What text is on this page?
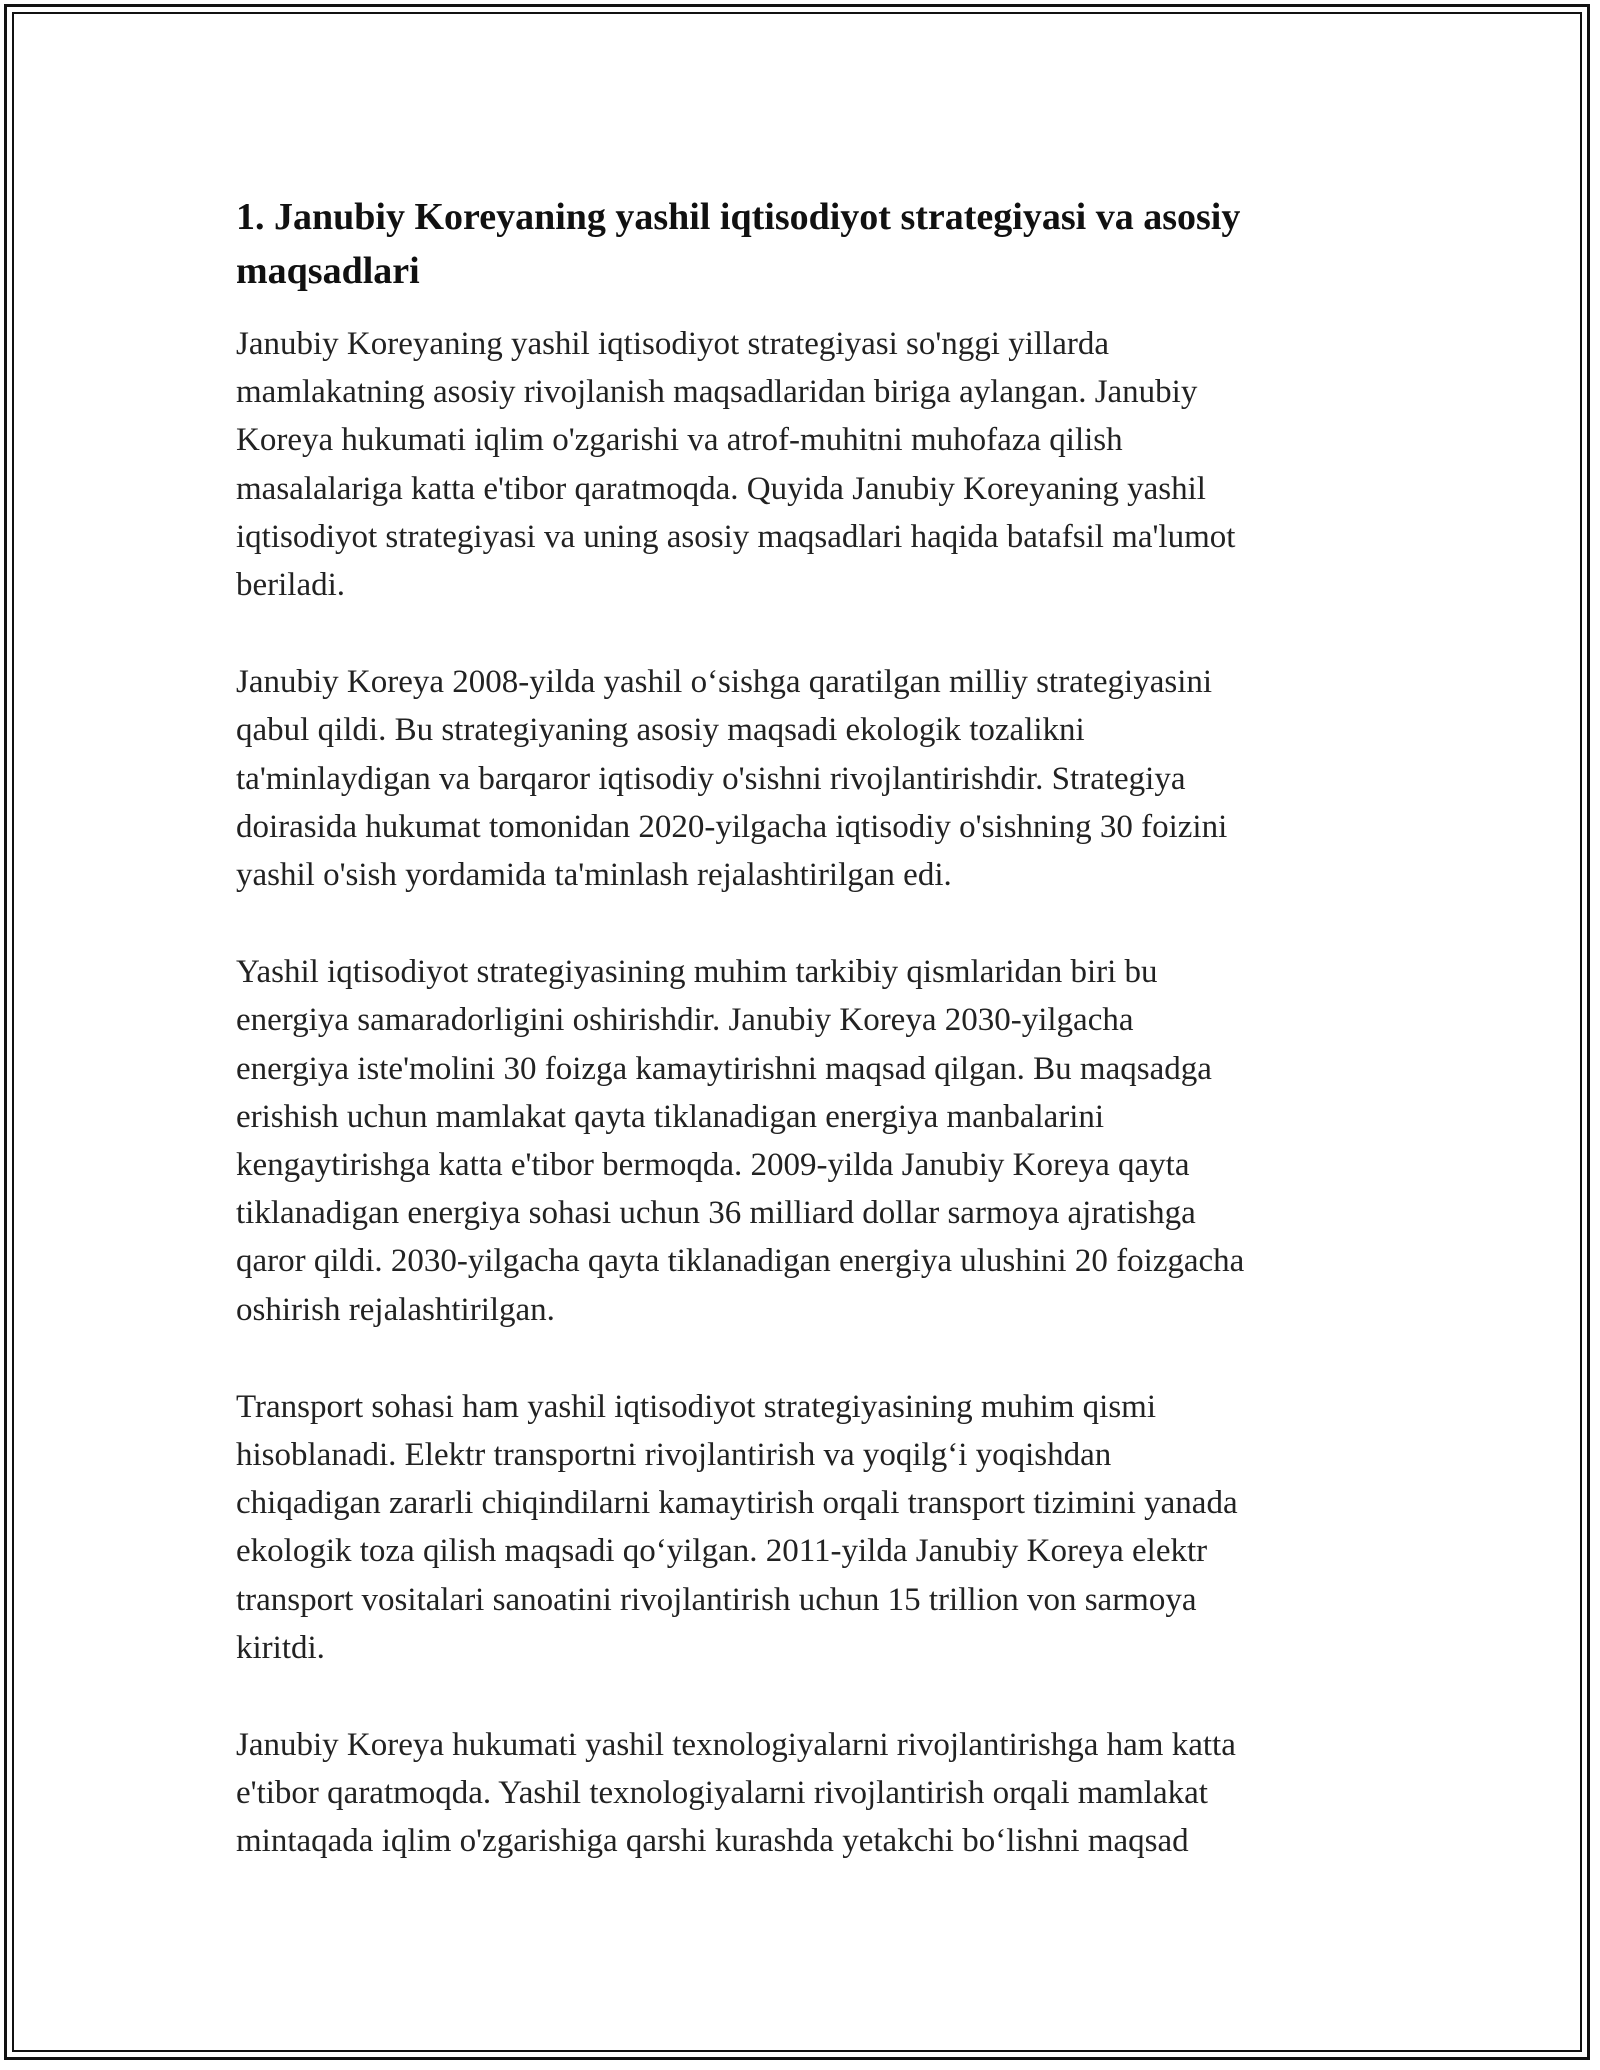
1. Janubiy Koreyaning yashil iqtisodiyot strategiyasi va asosiy
maqsadlari

Janubiy Koreyaning yashil iqtisodiyot strategiyasi so'nggi yillarda
mamlakatning asosiy rivojlanish maqsadlaridan biriga aylangan. Janubiy
Koreya hukumati iqlim o'zgarishi va atrof-muhitni muhofaza qilish
masalalariga katta e'tibor qaratmoqda. Quyida Janubiy Koreyaning yashil
iqtisodiyot strategiyasi va uning asosiy maqsadlari haqida batafsil ma'lumot
beriladi.

Janubiy Koreya 2008-yilda yashil o‘sishga qaratilgan milliy strategiyasini
qabul qildi. Bu strategiyaning asosiy maqsadi ekologik tozalikni
ta'minlaydigan va barqaror iqtisodiy o'sishni rivojlantirishdir. Strategiya
doirasida hukumat tomonidan 2020-yilgacha iqtisodiy o'sishning 30 foizini
yashil o'sish yordamida ta'minlash rejalashtirilgan edi.

Yashil iqtisodiyot strategiyasining muhim tarkibiy qismlaridan biri bu
energiya samaradorligini oshirishdir. Janubiy Koreya 2030-yilgacha
energiya iste'molini 30 foizga kamaytirishni maqsad qilgan. Bu maqsadga
erishish uchun mamlakat qayta tiklanadigan energiya manbalarini
kengaytirishga katta e'tibor bermoqda. 2009-yilda Janubiy Koreya qayta
tiklanadigan energiya sohasi uchun 36 milliard dollar sarmoya ajratishga
qaror qildi. 2030-yilgacha qayta tiklanadigan energiya ulushini 20 foizgacha
oshirish rejalashtirilgan.

Transport sohasi ham yashil iqtisodiyot strategiyasining muhim qismi
hisoblanadi. Elektr transportni rivojlantirish va yoqilg‘i yoqishdan
chiqadigan zararli chiqindilarni kamaytirish orqali transport tizimini yanada
ekologik toza qilish maqsadi qo‘yilgan. 2011-yilda Janubiy Koreya elektr
transport vositalari sanoatini rivojlantirish uchun 15 trillion von sarmoya
kiritdi.

Janubiy Koreya hukumati yashil texnologiyalarni rivojlantirishga ham katta
e'tibor qaratmoqda. Yashil texnologiyalarni rivojlantirish orqali mamlakat
mintaqada iqlim o'zgarishiga qarshi kurashda yetakchi bo‘lishni maqsad
